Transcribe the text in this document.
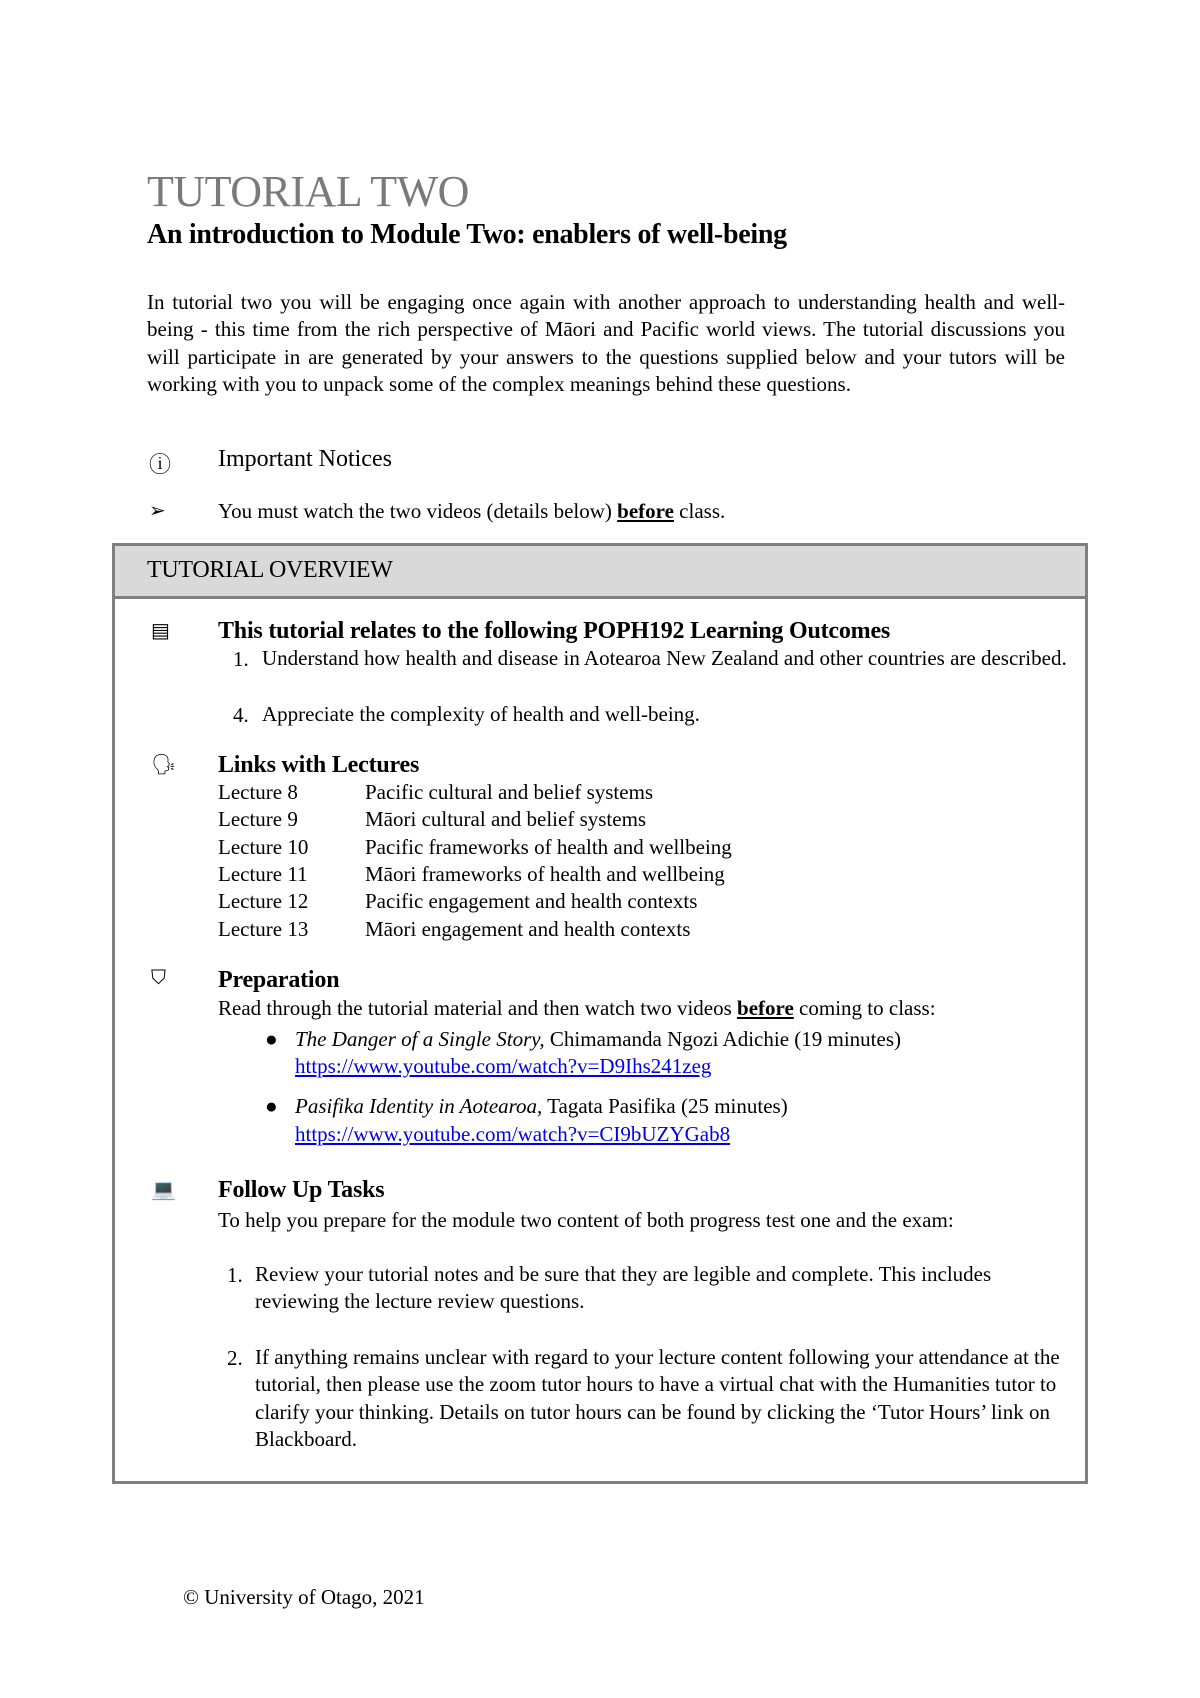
TUTORIAL TWO
An introduction to Module Two: enablers of well-being
In tutorial two you will be engaging once again with another approach to understanding health and well-being - this time from the rich perspective of Māori and Pacific world views. The tutorial discussions you will participate in are generated by your answers to the questions supplied below and your tutors will be working with you to unpack some of the complex meanings behind these questions.
ⓘ Important Notices
➢ You must watch the two videos (details below) before class.
TUTORIAL OVERVIEW
▤ This tutorial relates to the following POPH192 Learning Outcomes
1. Understand how health and disease in Aotearoa New Zealand and other countries are described.
4. Appreciate the complexity of health and well-being.
🗣 Links with Lectures
Lecture 8	Pacific cultural and belief systems
Lecture 9	Māori cultural and belief systems
Lecture 10	Pacific frameworks of health and wellbeing
Lecture 11	Māori frameworks of health and wellbeing
Lecture 12	Pacific engagement and health contexts
Lecture 13	Māori engagement and health contexts
⛉ Preparation
Read through the tutorial material and then watch two videos before coming to class:
● The Danger of a Single Story, Chimamanda Ngozi Adichie (19 minutes)
https://www.youtube.com/watch?v=D9Ihs241zeg
● Pasifika Identity in Aotearoa, Tagata Pasifika (25 minutes)
https://www.youtube.com/watch?v=CI9bUZYGab8
💻 Follow Up Tasks
To help you prepare for the module two content of both progress test one and the exam:
1. Review your tutorial notes and be sure that they are legible and complete. This includes reviewing the lecture review questions.
2. If anything remains unclear with regard to your lecture content following your attendance at the tutorial, then please use the zoom tutor hours to have a virtual chat with the Humanities tutor to clarify your thinking. Details on tutor hours can be found by clicking the ‘Tutor Hours’ link on Blackboard.
© University of Otago, 2021
